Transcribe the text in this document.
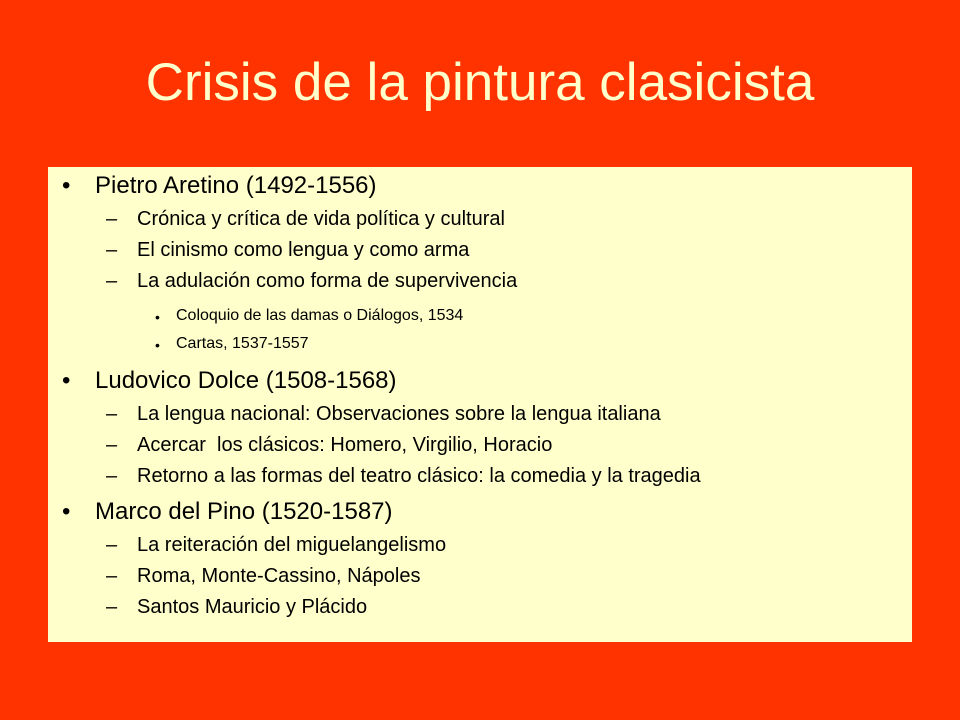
Crisis de la pintura clasicista
• Pietro Aretino (1492-1556)
– Crónica y crítica de vida política y cultural
– El cinismo como lengua y como arma
– La adulación como forma de supervivencia
• Coloquio de las damas o Diálogos, 1534
• Cartas, 1537-1557
• Ludovico Dolce (1508-1568)
– La lengua nacional: Observaciones sobre la lengua italiana
– Acercar  los clásicos: Homero, Virgilio, Horacio
– Retorno a las formas del teatro clásico: la comedia y la tragedia
• Marco del Pino (1520-1587)
– La reiteración del miguelangelismo
– Roma, Monte-Cassino, Nápoles
– Santos Mauricio y Plácido
